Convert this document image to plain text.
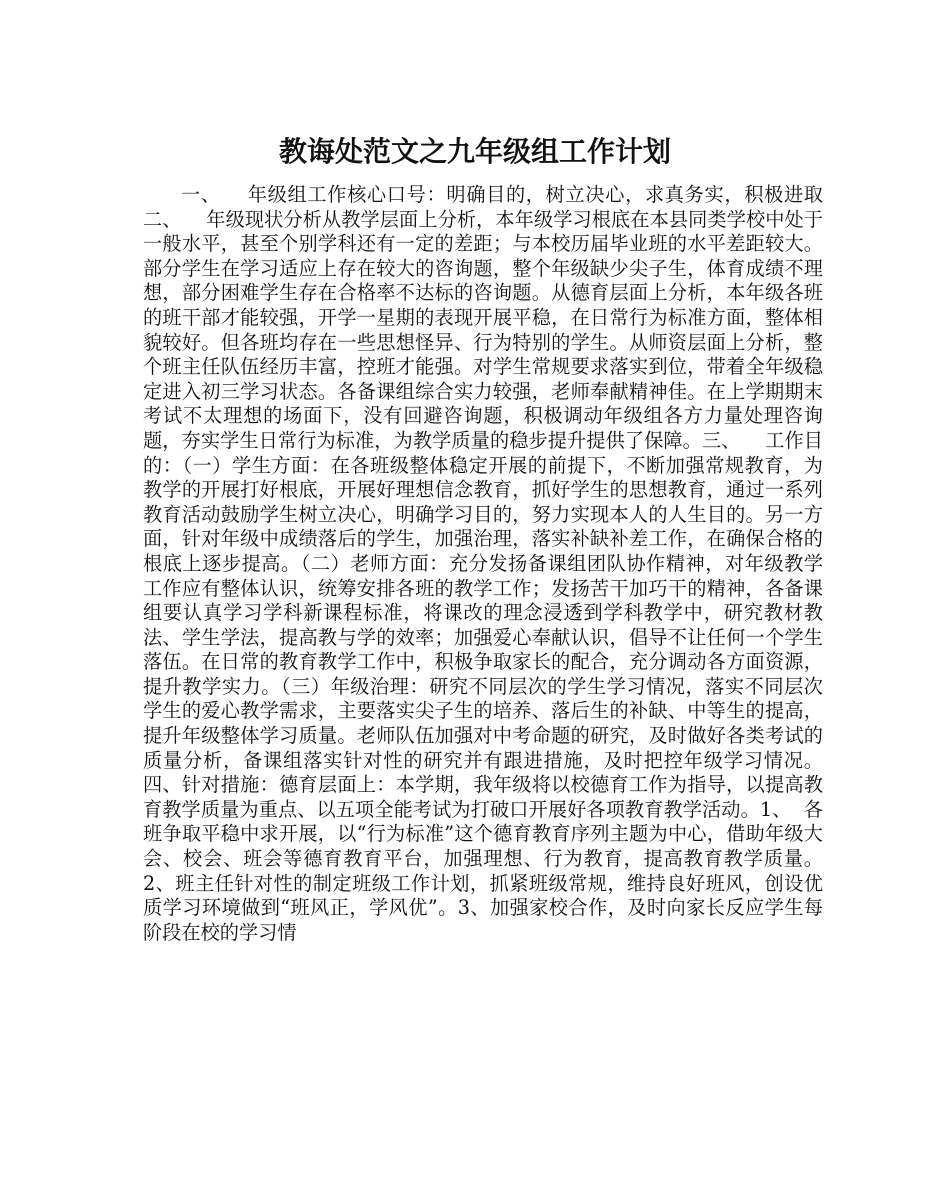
教诲处范文之九年级组工作计划

一、    年级组工作核心口号：明确目的，树立决心，求真务实，积极进取二、    年级现状分析从教学层面上分析，本年级学习根底在本县同类学校中处于一般水平，甚至个别学科还有一定的差距；与本校历届毕业班的水平差距较大。部分学生在学习适应上存在较大的咨询题，整个年级缺少尖子生，体育成绩不理想，部分困难学生存在合格率不达标的咨询题。从德育层面上分析，本年级各班的班干部才能较强，开学一星期的表现开展平稳，在日常行为标准方面，整体相貌较好。但各班均存在一些思想怪异、行为特别的学生。从师资层面上分析，整个班主任队伍经历丰富，控班才能强。对学生常规要求落实到位，带着全年级稳定进入初三学习状态。各备课组综合实力较强，老师奉献精神佳。在上学期期末考试不太理想的场面下，没有回避咨询题，积极调动年级组各方力量处理咨询题，夯实学生日常行为标准，为教学质量的稳步提升提供了保障。三、    工作目的：（一）学生方面：在各班级整体稳定开展的前提下，不断加强常规教育，为教学的开展打好根底，开展好理想信念教育，抓好学生的思想教育，通过一系列教育活动鼓励学生树立决心，明确学习目的，努力实现本人的人生目的。另一方面，针对年级中成绩落后的学生，加强治理，落实补缺补差工作，在确保合格的根底上逐步提高。（二）老师方面：充分发扬备课组团队协作精神，对年级教学工作应有整体认识，统筹安排各班的教学工作；发扬苦干加巧干的精神，各备课组要认真学习学科新课程标准，将课改的理念浸透到学科教学中，研究教材教法、学生学法，提高教与学的效率；加强爱心奉献认识，倡导不让任何一个学生落伍。在日常的教育教学工作中，积极争取家长的配合，充分调动各方面资源，提升教学实力。（三）年级治理：研究不同层次的学生学习情况，落实不同层次学生的爱心教学需求，主要落实尖子生的培养、落后生的补缺、中等生的提高，提升年级整体学习质量。老师队伍加强对中考命题的研究，及时做好各类考试的质量分析，备课组落实针对性的研究并有跟进措施，及时把控年级学习情况。四、针对措施：德育层面上：本学期，我年级将以校德育工作为指导，以提高教育教学质量为重点、以五项全能考试为打破口开展好各项教育教学活动。1、  各班争取平稳中求开展，以“行为标准”这个德育教育序列主题为中心，借助年级大会、校会、班会等德育教育平台，加强理想、行为教育，提高教育教学质量。2、班主任针对性的制定班级工作计划，抓紧班级常规，维持良好班风，创设优质学习环境做到“班风正，学风优”。3、加强家校合作，及时向家长反应学生每阶段在校的学习情
